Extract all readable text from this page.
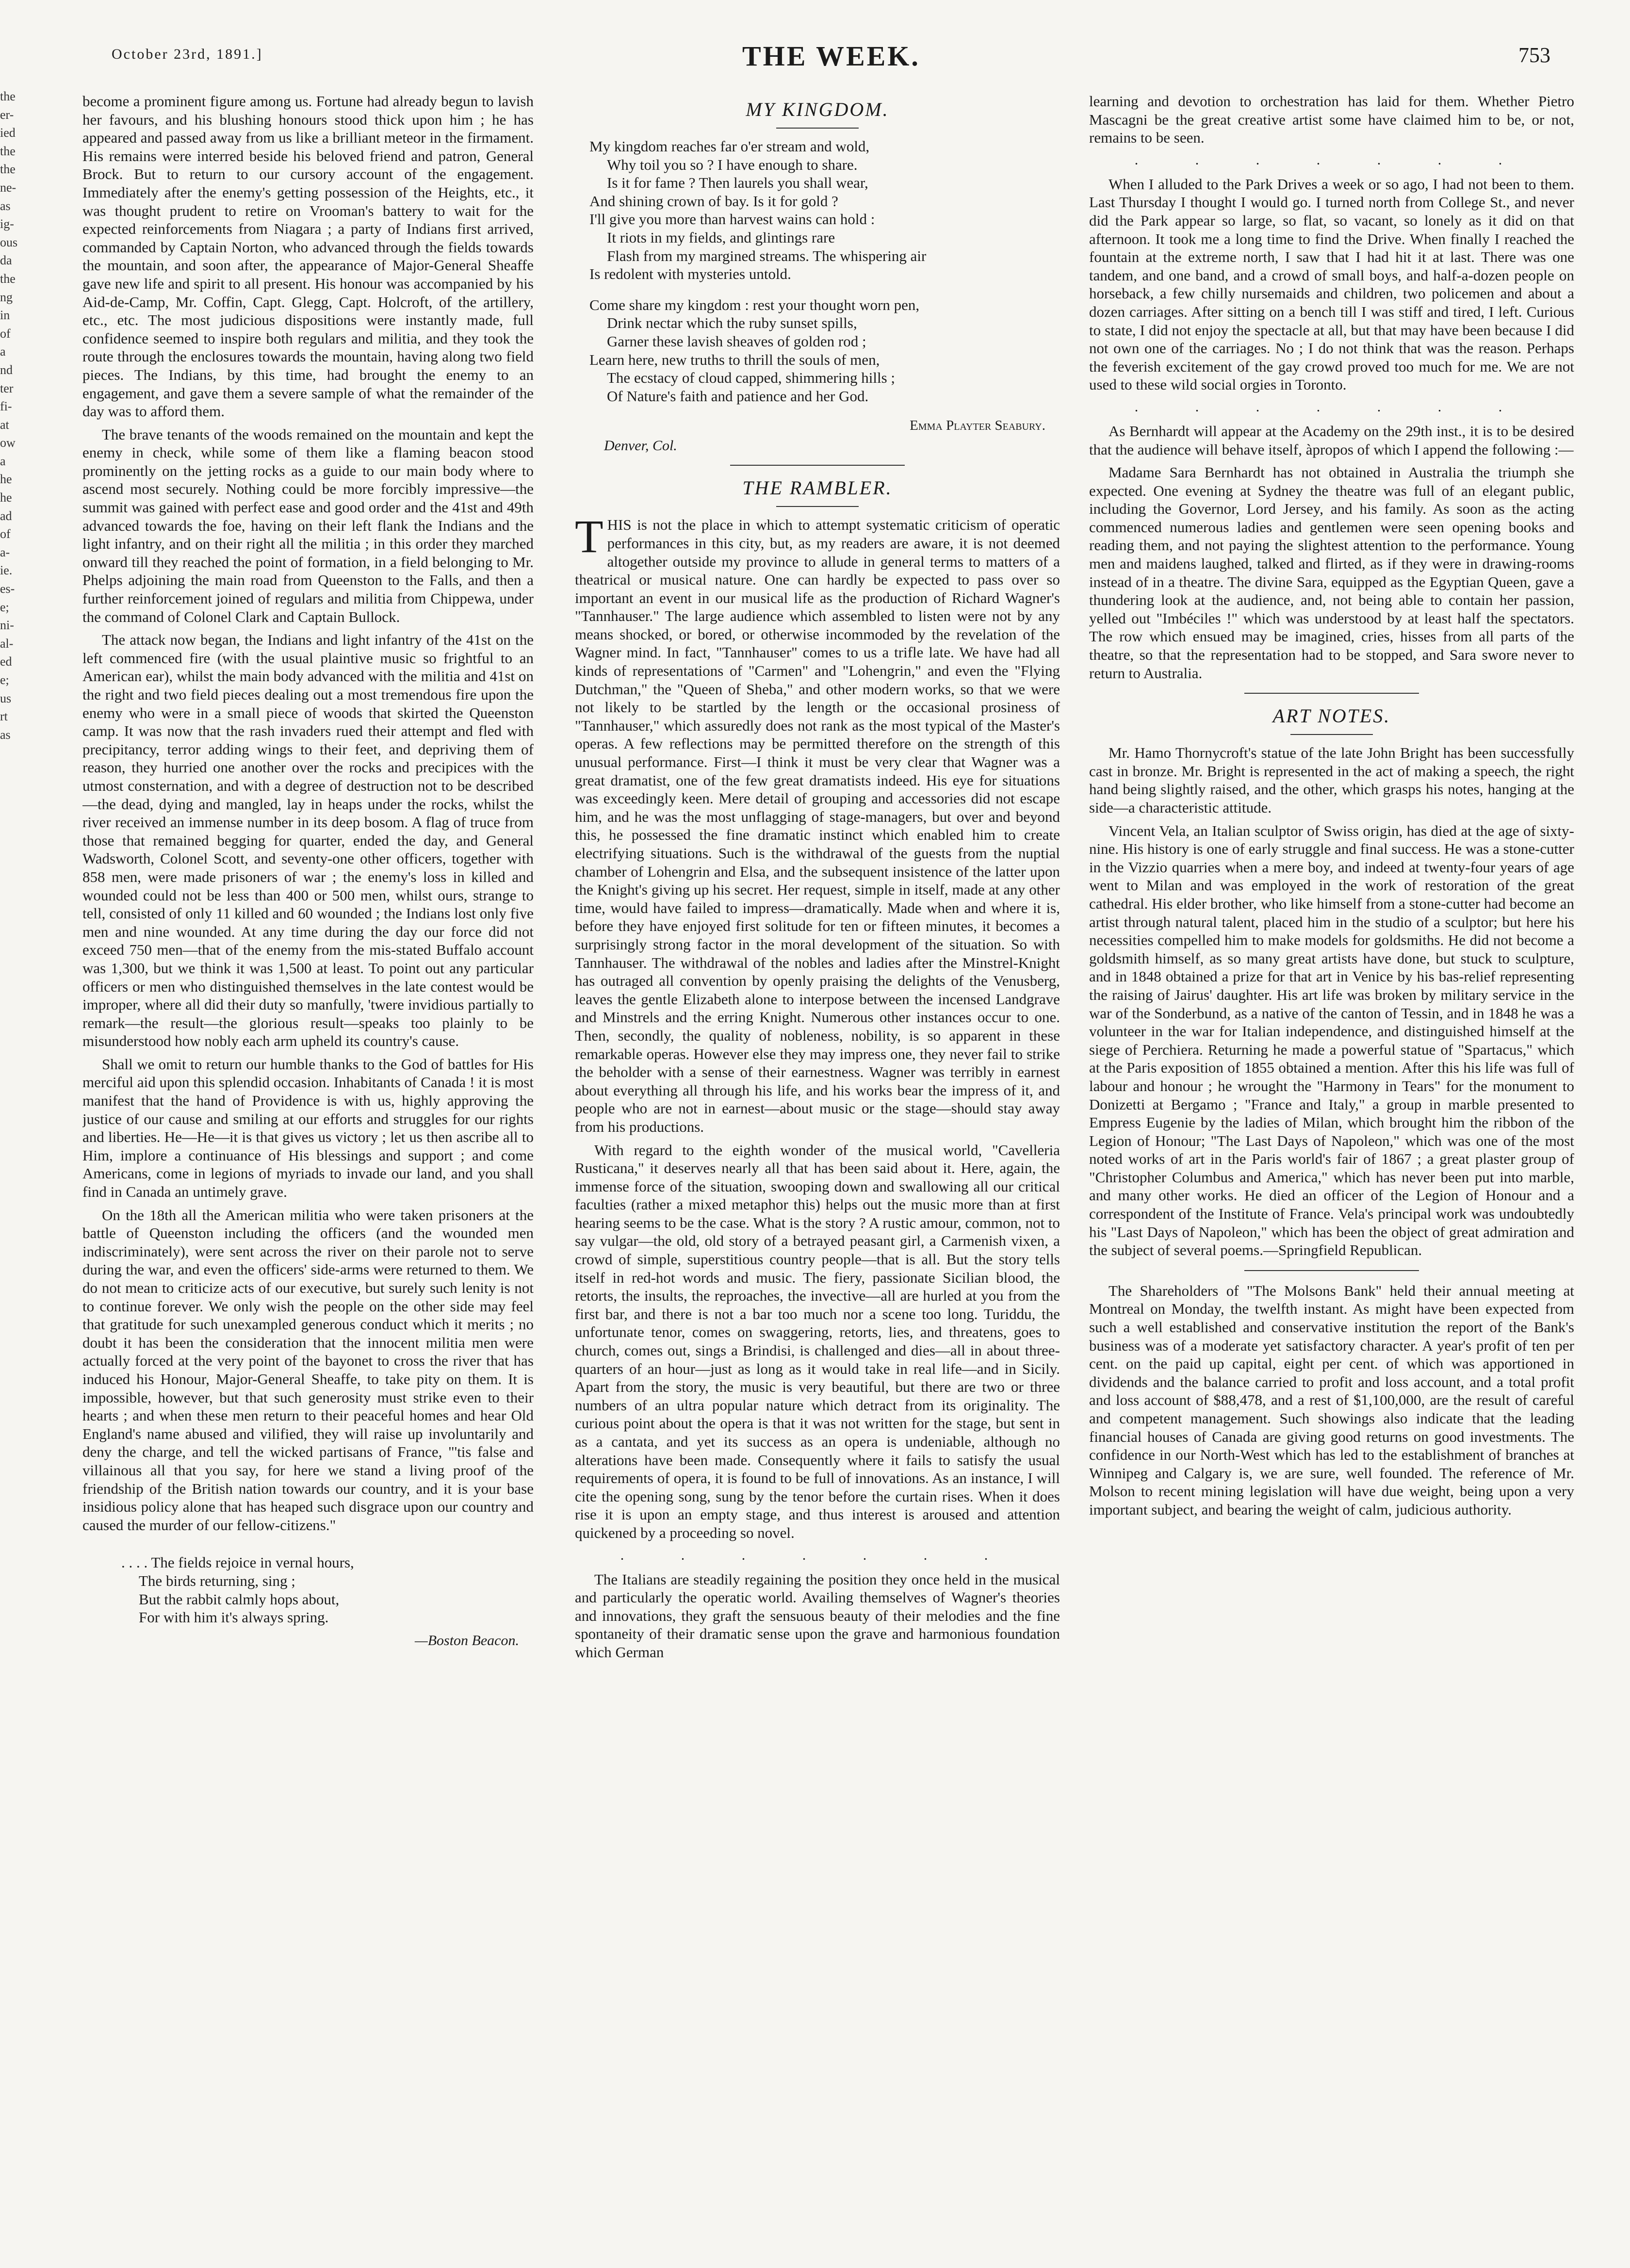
October 23rd, 1891.]	THE WEEK.	753
the
er-
ied
the
the
ne-
as
ig-
ous
da
the
ng
in
of
a
nd
ter
fi-
at
ow
a
he
he
ad
of
a-
ie.
es-
e;
ni-
al-
ed
e;
us
rt
as

become a prominent figure among us. Fortune had already begun to lavish her favours, and his blushing honours stood thick upon him ; he has appeared and passed away from us like a brilliant meteor in the firmament. His remains were interred beside his beloved friend and patron, General Brock. But to return to our cursory account of the engagement. Immediately after the enemy's getting possession of the Heights, etc., it was thought prudent to retire on Vrooman's battery to wait for the expected reinforcements from Niagara ; a party of Indians first arrived, commanded by Captain Norton, who advanced through the fields towards the mountain, and soon after, the appearance of Major-General Sheaffe gave new life and spirit to all present. His honour was accompanied by his Aid-de-Camp, Mr. Coffin, Capt. Glegg, Capt. Holcroft, of the artillery, etc., etc. The most judicious dispositions were instantly made, full confidence seemed to inspire both regulars and militia, and they took the route through the enclosures towards the mountain, having along two field pieces. The Indians, by this time, had brought the enemy to an engagement, and gave them a severe sample of what the remainder of the day was to afford them.

The brave tenants of the woods remained on the mountain and kept the enemy in check, while some of them like a flaming beacon stood prominently on the jetting rocks as a guide to our main body where to ascend most securely. Nothing could be more forcibly impressive—the summit was gained with perfect ease and good order and the 41st and 49th advanced towards the foe, having on their left flank the Indians and the light infantry, and on their right all the militia ; in this order they marched onward till they reached the point of formation, in a field belonging to Mr. Phelps adjoining the main road from Queenston to the Falls, and then a further reinforcement joined of regulars and militia from Chippewa, under the command of Colonel Clark and Captain Bullock.

The attack now began, the Indians and light infantry of the 41st on the left commenced fire (with the usual plaintive music so frightful to an American ear), whilst the main body advanced with the militia and 41st on the right and two field pieces dealing out a most tremendous fire upon the enemy who were in a small piece of woods that skirted the Queenston camp. It was now that the rash invaders rued their attempt and fled with precipitancy, terror adding wings to their feet, and depriving them of reason, they hurried one another over the rocks and precipices with the utmost consternation, and with a degree of destruction not to be described—the dead, dying and mangled, lay in heaps under the rocks, whilst the river received an immense number in its deep bosom. A flag of truce from those that remained begging for quarter, ended the day, and General Wadsworth, Colonel Scott, and seventy-one other officers, together with 858 men, were made prisoners of war ; the enemy's loss in killed and wounded could not be less than 400 or 500 men, whilst ours, strange to tell, consisted of only 11 killed and 60 wounded ; the Indians lost only five men and nine wounded. At any time during the day our force did not exceed 750 men—that of the enemy from the mis-stated Buffalo account was 1,300, but we think it was 1,500 at least. To point out any particular officers or men who distinguished themselves in the late contest would be improper, where all did their duty so manfully, 'twere invidious partially to remark—the result—the glorious result—speaks too plainly to be misunderstood how nobly each arm upheld its country's cause.

Shall we omit to return our humble thanks to the God of battles for His merciful aid upon this splendid occasion. Inhabitants of Canada ! it is most manifest that the hand of Providence is with us, highly approving the justice of our cause and smiling at our efforts and struggles for our rights and liberties. He—He—it is that gives us victory ; let us then ascribe all to Him, implore a continuance of His blessings and support ; and come Americans, come in legions of myriads to invade our land, and you shall find in Canada an untimely grave.

On the 18th all the American militia who were taken prisoners at the battle of Queenston including the officers (and the wounded men indiscriminately), were sent across the river on their parole not to serve during the war, and even the officers' side-arms were returned to them. We do not mean to criticize acts of our executive, but surely such lenity is not to continue forever. We only wish the people on the other side may feel that gratitude for such unexampled generous conduct which it merits ; no doubt it has been the consideration that the innocent militia men were actually forced at the very point of the bayonet to cross the river that has induced his Honour, Major-General Sheaffe, to take pity on them. It is impossible, however, but that such generosity must strike even to their hearts ; and when these men return to their peaceful homes and hear Old England's name abused and vilified, they will raise up involuntarily and deny the charge, and tell the wicked partisans of France, "'tis false and villainous all that you say, for here we stand a living proof of the friendship of the British nation towards our country, and it is your base insidious policy alone that has heaped such disgrace upon our country and caused the murder of our fellow-citizens."

. . . . The fields rejoice in vernal hours,
The birds returning, sing ;
But the rabbit calmly hops about,
For with him it's always spring.
—Boston Beacon.
MY KINGDOM.
My kingdom reaches far o'er stream and wold,
Why toil you so ? I have enough to share.
Is it for fame ? Then laurels you shall wear,
And shining crown of bay. Is it for gold ?
I'll give you more than harvest wains can hold :
It riots in my fields, and glintings rare
Flash from my margined streams. The whispering air
Is redolent with mysteries untold.
Come share my kingdom : rest your thought worn pen,
Drink nectar which the ruby sunset spills,
Garner these lavish sheaves of golden rod ;
Learn here, new truths to thrill the souls of men,
The ecstacy of cloud capped, shimmering hills ;
Of Nature's faith and patience and her God.
Emma Playter Seabury.
Denver, Col.
THE RAMBLER.

THIS is not the place in which to attempt systematic criticism of operatic performances in this city, but, as my readers are aware, it is not deemed altogether outside my province to allude in general terms to matters of a theatrical or musical nature. One can hardly be expected to pass over so important an event in our musical life as the production of Richard Wagner's "Tannhauser." The large audience which assembled to listen were not by any means shocked, or bored, or otherwise incommoded by the revelation of the Wagner mind. In fact, "Tannhauser" comes to us a trifle late. We have had all kinds of representations of "Carmen" and "Lohengrin," and even the "Flying Dutchman," the "Queen of Sheba," and other modern works, so that we were not likely to be startled by the length or the occasional prosiness of "Tannhauser," which assuredly does not rank as the most typical of the Master's operas. A few reflections may be permitted therefore on the strength of this unusual performance. First—I think it must be very clear that Wagner was a great dramatist, one of the few great dramatists indeed. His eye for situations was exceedingly keen. Mere detail of grouping and accessories did not escape him, and he was the most unflagging of stage-managers, but over and beyond this, he possessed the fine dramatic instinct which enabled him to create electrifying situations. Such is the withdrawal of the guests from the nuptial chamber of Lohengrin and Elsa, and the subsequent insistence of the latter upon the Knight's giving up his secret. Her request, simple in itself, made at any other time, would have failed to impress—dramatically. Made when and where it is, before they have enjoyed first solitude for ten or fifteen minutes, it becomes a surprisingly strong factor in the moral development of the situation. So with Tannhauser. The withdrawal of the nobles and ladies after the Minstrel-Knight has outraged all convention by openly praising the delights of the Venusberg, leaves the gentle Elizabeth alone to interpose between the incensed Landgrave and Minstrels and the erring Knight. Numerous other instances occur to one. Then, secondly, the quality of nobleness, nobility, is so apparent in these remarkable operas. However else they may impress one, they never fail to strike the beholder with a sense of their earnestness. Wagner was terribly in earnest about everything all through his life, and his works bear the impress of it, and people who are not in earnest—about music or the stage—should stay away from his productions.

With regard to the eighth wonder of the musical world, "Cavelleria Rusticana," it deserves nearly all that has been said about it. Here, again, the immense force of the situation, swooping down and swallowing all our critical faculties (rather a mixed metaphor this) helps out the music more than at first hearing seems to be the case. What is the story ? A rustic amour, common, not to say vulgar—the old, old story of a betrayed peasant girl, a Carmenish vixen, a crowd of simple, superstitious country people—that is all. But the story tells itself in red-hot words and music. The fiery, passionate Sicilian blood, the retorts, the insults, the reproaches, the invective—all are hurled at you from the first bar, and there is not a bar too much nor a scene too long. Turiddu, the unfortunate tenor, comes on swaggering, retorts, lies, and threatens, goes to church, comes out, sings a Brindisi, is challenged and dies—all in about three-quarters of an hour—just as long as it would take in real life—and in Sicily. Apart from the story, the music is very beautiful, but there are two or three numbers of an ultra popular nature which detract from its originality. The curious point about the opera is that it was not written for the stage, but sent in as a cantata, and yet its success as an opera is undeniable, although no alterations have been made. Consequently where it fails to satisfy the usual requirements of opera, it is found to be full of innovations. As an instance, I will cite the opening song, sung by the tenor before the curtain rises. When it does rise it is upon an empty stage, and thus interest is aroused and attention quickened by a proceeding so novel.

. . . . . . .

The Italians are steadily regaining the position they once held in the musical and particularly the operatic world. Availing themselves of Wagner's theories and innovations, they graft the sensuous beauty of their melodies and the fine spontaneity of their dramatic sense upon the grave and harmonious foundation which German

learning and devotion to orchestration has laid for them. Whether Pietro Mascagni be the great creative artist some have claimed him to be, or not, remains to be seen.

. . . . . . .

When I alluded to the Park Drives a week or so ago, I had not been to them. Last Thursday I thought I would go. I turned north from College St., and never did the Park appear so large, so flat, so vacant, so lonely as it did on that afternoon. It took me a long time to find the Drive. When finally I reached the fountain at the extreme north, I saw that I had hit it at last. There was one tandem, and one band, and a crowd of small boys, and half-a-dozen people on horseback, a few chilly nursemaids and children, two policemen and about a dozen carriages. After sitting on a bench till I was stiff and tired, I left. Curious to state, I did not enjoy the spectacle at all, but that may have been because I did not own one of the carriages. No ; I do not think that was the reason. Perhaps the feverish excitement of the gay crowd proved too much for me. We are not used to these wild social orgies in Toronto.

. . . . . . .

As Bernhardt will appear at the Academy on the 29th inst., it is to be desired that the audience will behave itself, àpropos of which I append the following :—

Madame Sara Bernhardt has not obtained in Australia the triumph she expected. One evening at Sydney the theatre was full of an elegant public, including the Governor, Lord Jersey, and his family. As soon as the acting commenced numerous ladies and gentlemen were seen opening books and reading them, and not paying the slightest attention to the performance. Young men and maidens laughed, talked and flirted, as if they were in drawing-rooms instead of in a theatre. The divine Sara, equipped as the Egyptian Queen, gave a thundering look at the audience, and, not being able to contain her passion, yelled out "Imbéciles !" which was understood by at least half the spectators. The row which ensued may be imagined, cries, hisses from all parts of the theatre, so that the representation had to be stopped, and Sara swore never to return to Australia.

ART NOTES.

Mr. Hamo Thornycroft's statue of the late John Bright has been successfully cast in bronze. Mr. Bright is represented in the act of making a speech, the right hand being slightly raised, and the other, which grasps his notes, hanging at the side—a characteristic attitude.

Vincent Vela, an Italian sculptor of Swiss origin, has died at the age of sixty-nine. His history is one of early struggle and final success. He was a stone-cutter in the Vizzio quarries when a mere boy, and indeed at twenty-four years of age went to Milan and was employed in the work of restoration of the great cathedral. His elder brother, who like himself from a stone-cutter had become an artist through natural talent, placed him in the studio of a sculptor; but here his necessities compelled him to make models for goldsmiths. He did not become a goldsmith himself, as so many great artists have done, but stuck to sculpture, and in 1848 obtained a prize for that art in Venice by his bas-relief representing the raising of Jairus' daughter. His art life was broken by military service in the war of the Sonderbund, as a native of the canton of Tessin, and in 1848 he was a volunteer in the war for Italian independence, and distinguished himself at the siege of Perchiera. Returning he made a powerful statue of "Spartacus," which at the Paris exposition of 1855 obtained a mention. After this his life was full of labour and honour ; he wrought the "Harmony in Tears" for the monument to Donizetti at Bergamo ; "France and Italy," a group in marble presented to Empress Eugenie by the ladies of Milan, which brought him the ribbon of the Legion of Honour; "The Last Days of Napoleon," which was one of the most noted works of art in the Paris world's fair of 1867 ; a great plaster group of "Christopher Columbus and America," which has never been put into marble, and many other works. He died an officer of the Legion of Honour and a correspondent of the Institute of France. Vela's principal work was undoubtedly his "Last Days of Napoleon," which has been the object of great admiration and the subject of several poems.—Springfield Republican.

The Shareholders of "The Molsons Bank" held their annual meeting at Montreal on Monday, the twelfth instant. As might have been expected from such a well established and conservative institution the report of the Bank's business was of a moderate yet satisfactory character. A year's profit of ten per cent. on the paid up capital, eight per cent. of which was apportioned in dividends and the balance carried to profit and loss account, and a total profit and loss account of $88,478, and a rest of $1,100,000, are the result of careful and competent management. Such showings also indicate that the leading financial houses of Canada are giving good returns on good investments. The confidence in our North-West which has led to the establishment of branches at Winnipeg and Calgary is, we are sure, well founded. The reference of Mr. Molson to recent mining legislation will have due weight, being upon a very important subject, and bearing the weight of calm, judicious authority.
